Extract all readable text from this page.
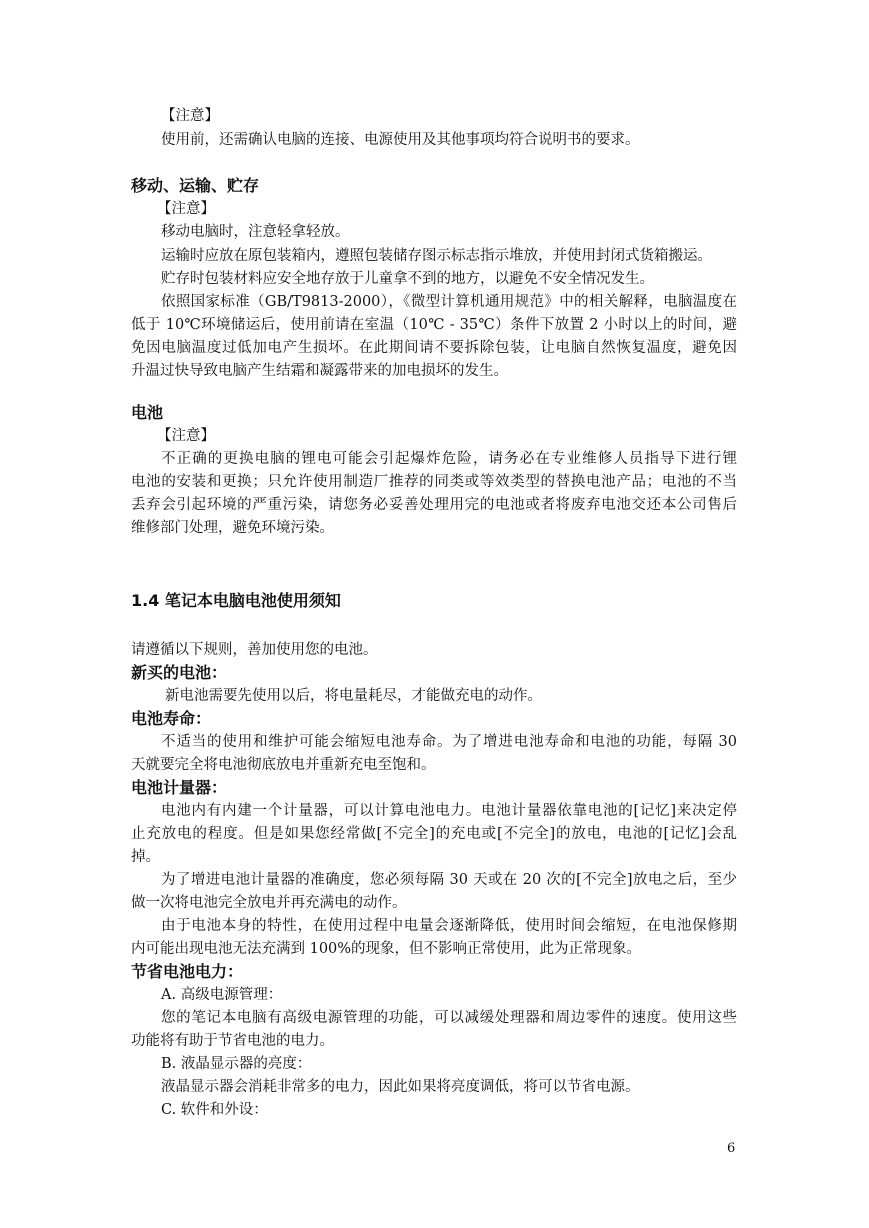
【注意】
使用前，还需确认电脑的连接、电源使用及其他事项均符合说明书的要求。
移动、运输、贮存
【注意】
移动电脑时，注意轻拿轻放。
运输时应放在原包装箱内，遵照包装储存图示标志指示堆放，并使用封闭式货箱搬运。
贮存时包装材料应安全地存放于儿童拿不到的地方，以避免不安全情况发生。
依照国家标准（GB/T9813-2000），《微型计算机通用规范》中的相关解释，电脑温度在
低于 10℃环境储运后，使用前请在室温（10℃ - 35℃）条件下放置 2 小时以上的时间，避
免因电脑温度过低加电产生损坏。在此期间请不要拆除包装，让电脑自然恢复温度，避免因
升温过快导致电脑产生结霜和凝露带来的加电损坏的发生。
电池
【注意】
不正确的更换电脑的锂电可能会引起爆炸危险，请务必在专业维修人员指导下进行锂
电池的安装和更换；只允许使用制造厂推荐的同类或等效类型的替换电池产品；电池的不当
丢弃会引起环境的严重污染，请您务必妥善处理用完的电池或者将废弃电池交还本公司售后
维修部门处理，避免环境污染。
1.4 笔记本电脑电池使用须知
请遵循以下规则，善加使用您的电池。
新买的电池：
新电池需要先使用以后，将电量耗尽，才能做充电的动作。
电池寿命：
不适当的使用和维护可能会缩短电池寿命。为了增进电池寿命和电池的功能，每隔 30
天就要完全将电池彻底放电并重新充电至饱和。
电池计量器：
电池内有内建一个计量器，可以计算电池电力。电池计量器依靠电池的[记忆]来决定停
止充放电的程度。但是如果您经常做[不完全]的充电或[不完全]的放电，电池的[记忆]会乱
掉。
为了增进电池计量器的准确度，您必须每隔 30 天或在 20 次的[不完全]放电之后，至少
做一次将电池完全放电并再充满电的动作。
由于电池本身的特性，在使用过程中电量会逐渐降低，使用时间会缩短，在电池保修期
内可能出现电池无法充满到 100%的现象，但不影响正常使用，此为正常现象。
节省电池电力：
A. 高级电源管理：
您的笔记本电脑有高级电源管理的功能，可以减缓处理器和周边零件的速度。使用这些
功能将有助于节省电池的电力。
B. 液晶显示器的亮度：
液晶显示器会消耗非常多的电力，因此如果将亮度调低，将可以节省电源。
C. 软件和外设：
6
